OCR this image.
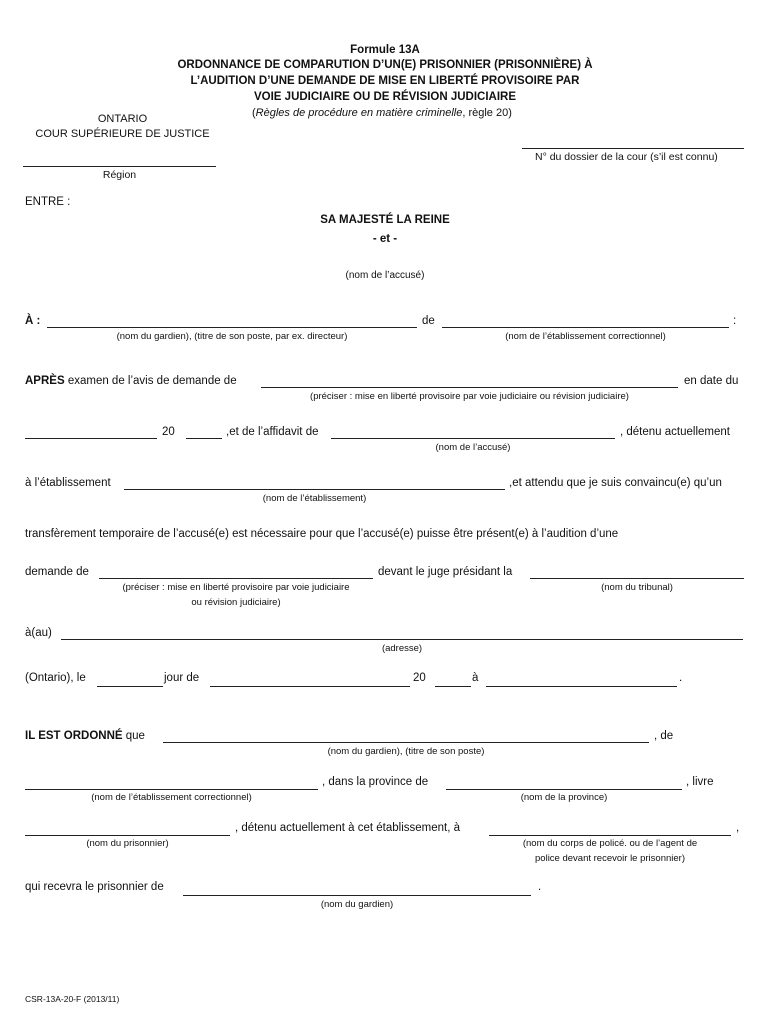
Formule 13A
ORDONNANCE DE COMPARUTION D’UN(E) PRISONNIER (PRISONNIÈRE) À
L’AUDITION D’UNE DEMANDE DE MISE EN LIBERTÉ PROVISOIRE PAR
VOIE JUDICIAIRE OU DE RÉVISION JUDICIAIRE
(Règles de procédure en matière criminelle, règle 20)
ONTARIO
COUR SUPÉRIEURE DE JUSTICE
N° du dossier de la cour (s’il est connu)
Région
ENTRE :
SA MAJESTÉ LA REINE
- et -
(nom de l’accusé)
À :
(nom du gardien), (titre de son poste, par ex. directeur)
de	:
(nom de l’établissement correctionnel)
APRÈS examen de l’avis de demande de	en date du
(préciser : mise en liberté provisoire par voie judiciaire ou révision judiciaire)
20	,et de l’affidavit de	, détenu actuellement
(nom de l’accusé)
à l’établissement	,et attendu que je suis convaincu(e) qu’un
(nom de l’établissement)
transfèrement temporaire de l’accusé(e) est nécessaire pour que l’accusé(e) puisse être présent(e) à l’audition d’une
demande de	devant le juge présidant la
(préciser : mise en liberté provisoire par voie judiciaire
ou révision judiciaire)
(nom du tribunal)
à(au)
(adresse)
(Ontario), le	jour de	20	à	.
IL EST ORDONNÉ que	, de
(nom du gardien), (titre de son poste)
, dans la province de	, livre
(nom de l’établissement correctionnel)	(nom de la province)
, détenu actuellement à cet établissement, à	,
(nom du prisonnier)	(nom du corps de policé. ou de l’agent de
police devant recevoir le prisonnier)
qui recevra le prisonnier de	.
(nom du gardien)
CSR-13A-20-F (2013/11)
